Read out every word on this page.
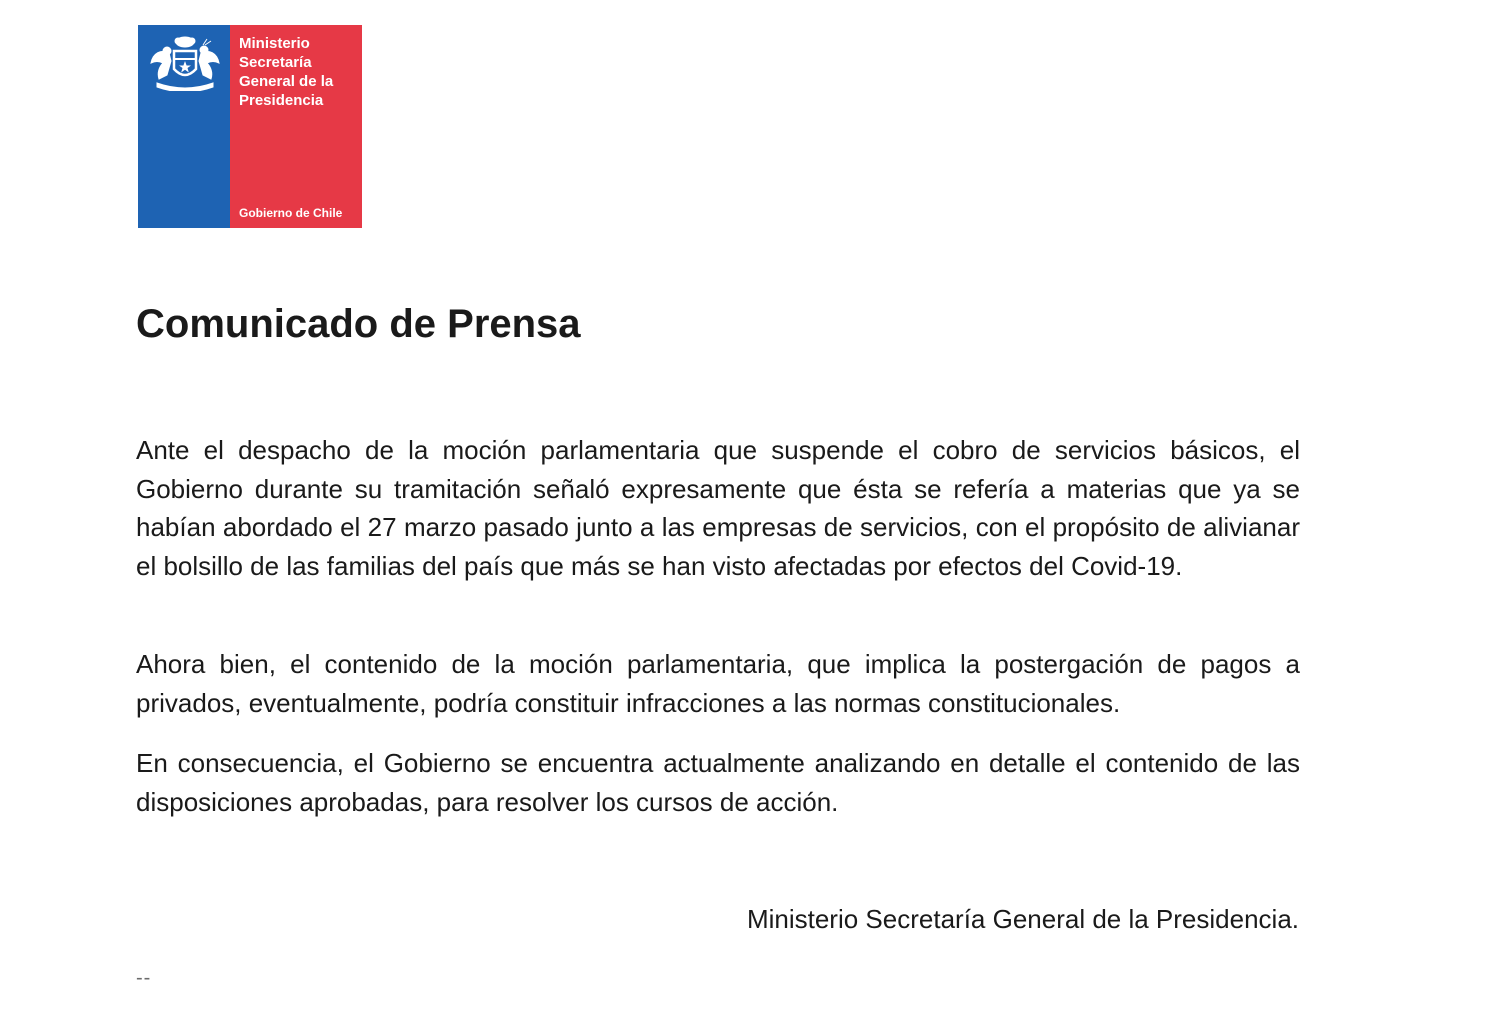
Ministerio
Secretaría
General de la
Presidencia
Gobierno de Chile
Comunicado de Prensa

Ante el despacho de la moción parlamentaria que suspende el cobro de servicios básicos, el Gobierno durante su tramitación señaló expresamente que ésta se refería a materias que ya se habían abordado el 27 marzo pasado junto a las empresas de servicios, con el propósito de alivianar el bolsillo de las familias del país que más se han visto afectadas por efectos del Covid-19.

Ahora bien, el contenido de la moción parlamentaria, que implica la postergación de pagos a privados, eventualmente, podría constituir infracciones a las normas constitucionales.

En consecuencia, el Gobierno se encuentra actualmente analizando en detalle el contenido de las disposiciones aprobadas, para resolver los cursos de acción.

Ministerio Secretaría General de la Presidencia.
--
